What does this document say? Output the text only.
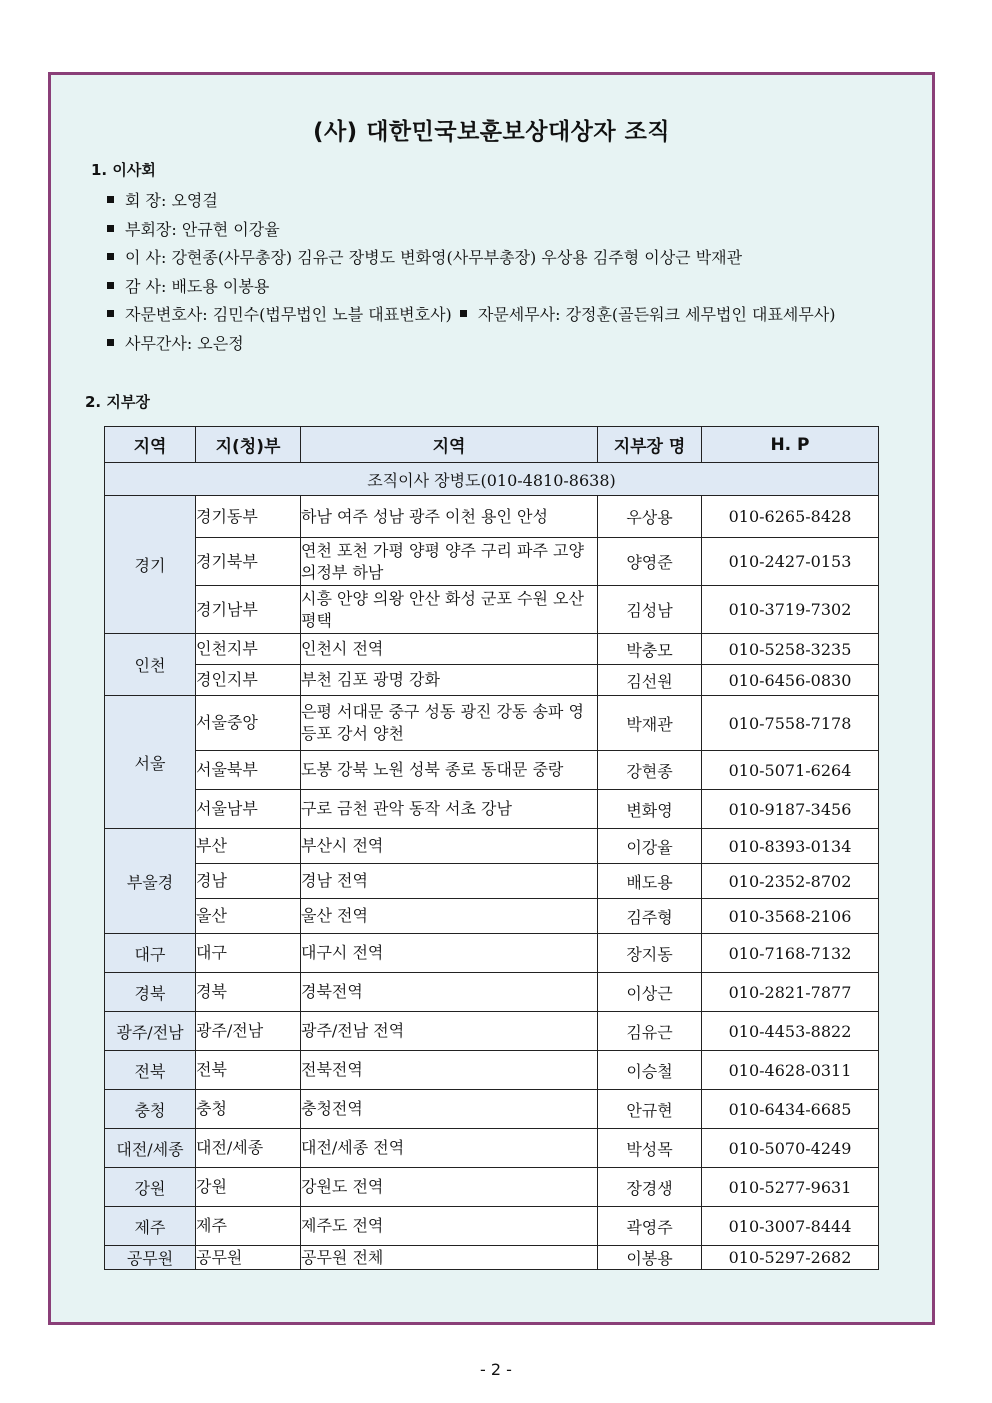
(사) 대한민국보훈보상대상자 조직
1. 이사회
회 장: 오영걸
부회장: 안규현 이강율
이 사: 강현종(사무총장) 김유근 장병도 변화영(사무부총장) 우상용 김주형 이상근 박재관
감 사: 배도용 이봉용
자문변호사: 김민수(법무법인 노블 대표변호사) 자문세무사: 강정훈(골든워크 세무법인 대표세무사)
사무간사: 오은정
2. 지부장
지역	지(청)부	지역	지부장 명	H. P
조직이사 장병도(010-4810-8638)				
경기	경기동부	하남 여주 성남 광주 이천 용인 안성	우상용	010-6265-8428
	경기북부	연천 포천 가평 양평 양주 구리 파주 고양 의정부 하남	양영준	010-2427-0153
	경기남부	시흥 안양 의왕 안산 화성 군포 수원 오산 평택	김성남	010-3719-7302
인천	인천지부	인천시 전역	박충모	010-5258-3235
	경인지부	부천 김포 광명 강화	김선원	010-6456-0830
서울	서울중앙	은평 서대문 중구 성동 광진 강동 송파 영등포 강서 양천	박재관	010-7558-7178
	서울북부	도봉 강북 노원 성북 종로 동대문 중랑	강현종	010-5071-6264
	서울남부	구로 금천 관악 동작 서초 강남	변화영	010-9187-3456
부울경	부산	부산시 전역	이강율	010-8393-0134
	경남	경남 전역	배도용	010-2352-8702
	울산	울산 전역	김주형	010-3568-2106
대구	대구	대구시 전역	장지동	010-7168-7132
경북	경북	경북전역	이상근	010-2821-7877
광주/전남	광주/전남	광주/전남 전역	김유근	010-4453-8822
전북	전북	전북전역	이승철	010-4628-0311
충청	충청	충청전역	안규현	010-6434-6685
대전/세종	대전/세종	대전/세종 전역	박성목	010-5070-4249
강원	강원	강원도 전역	장경생	010-5277-9631
제주	제주	제주도 전역	곽영주	010-3007-8444
공무원	공무원	공무원 전체	이봉용	010-5297-2682
- 2 -
